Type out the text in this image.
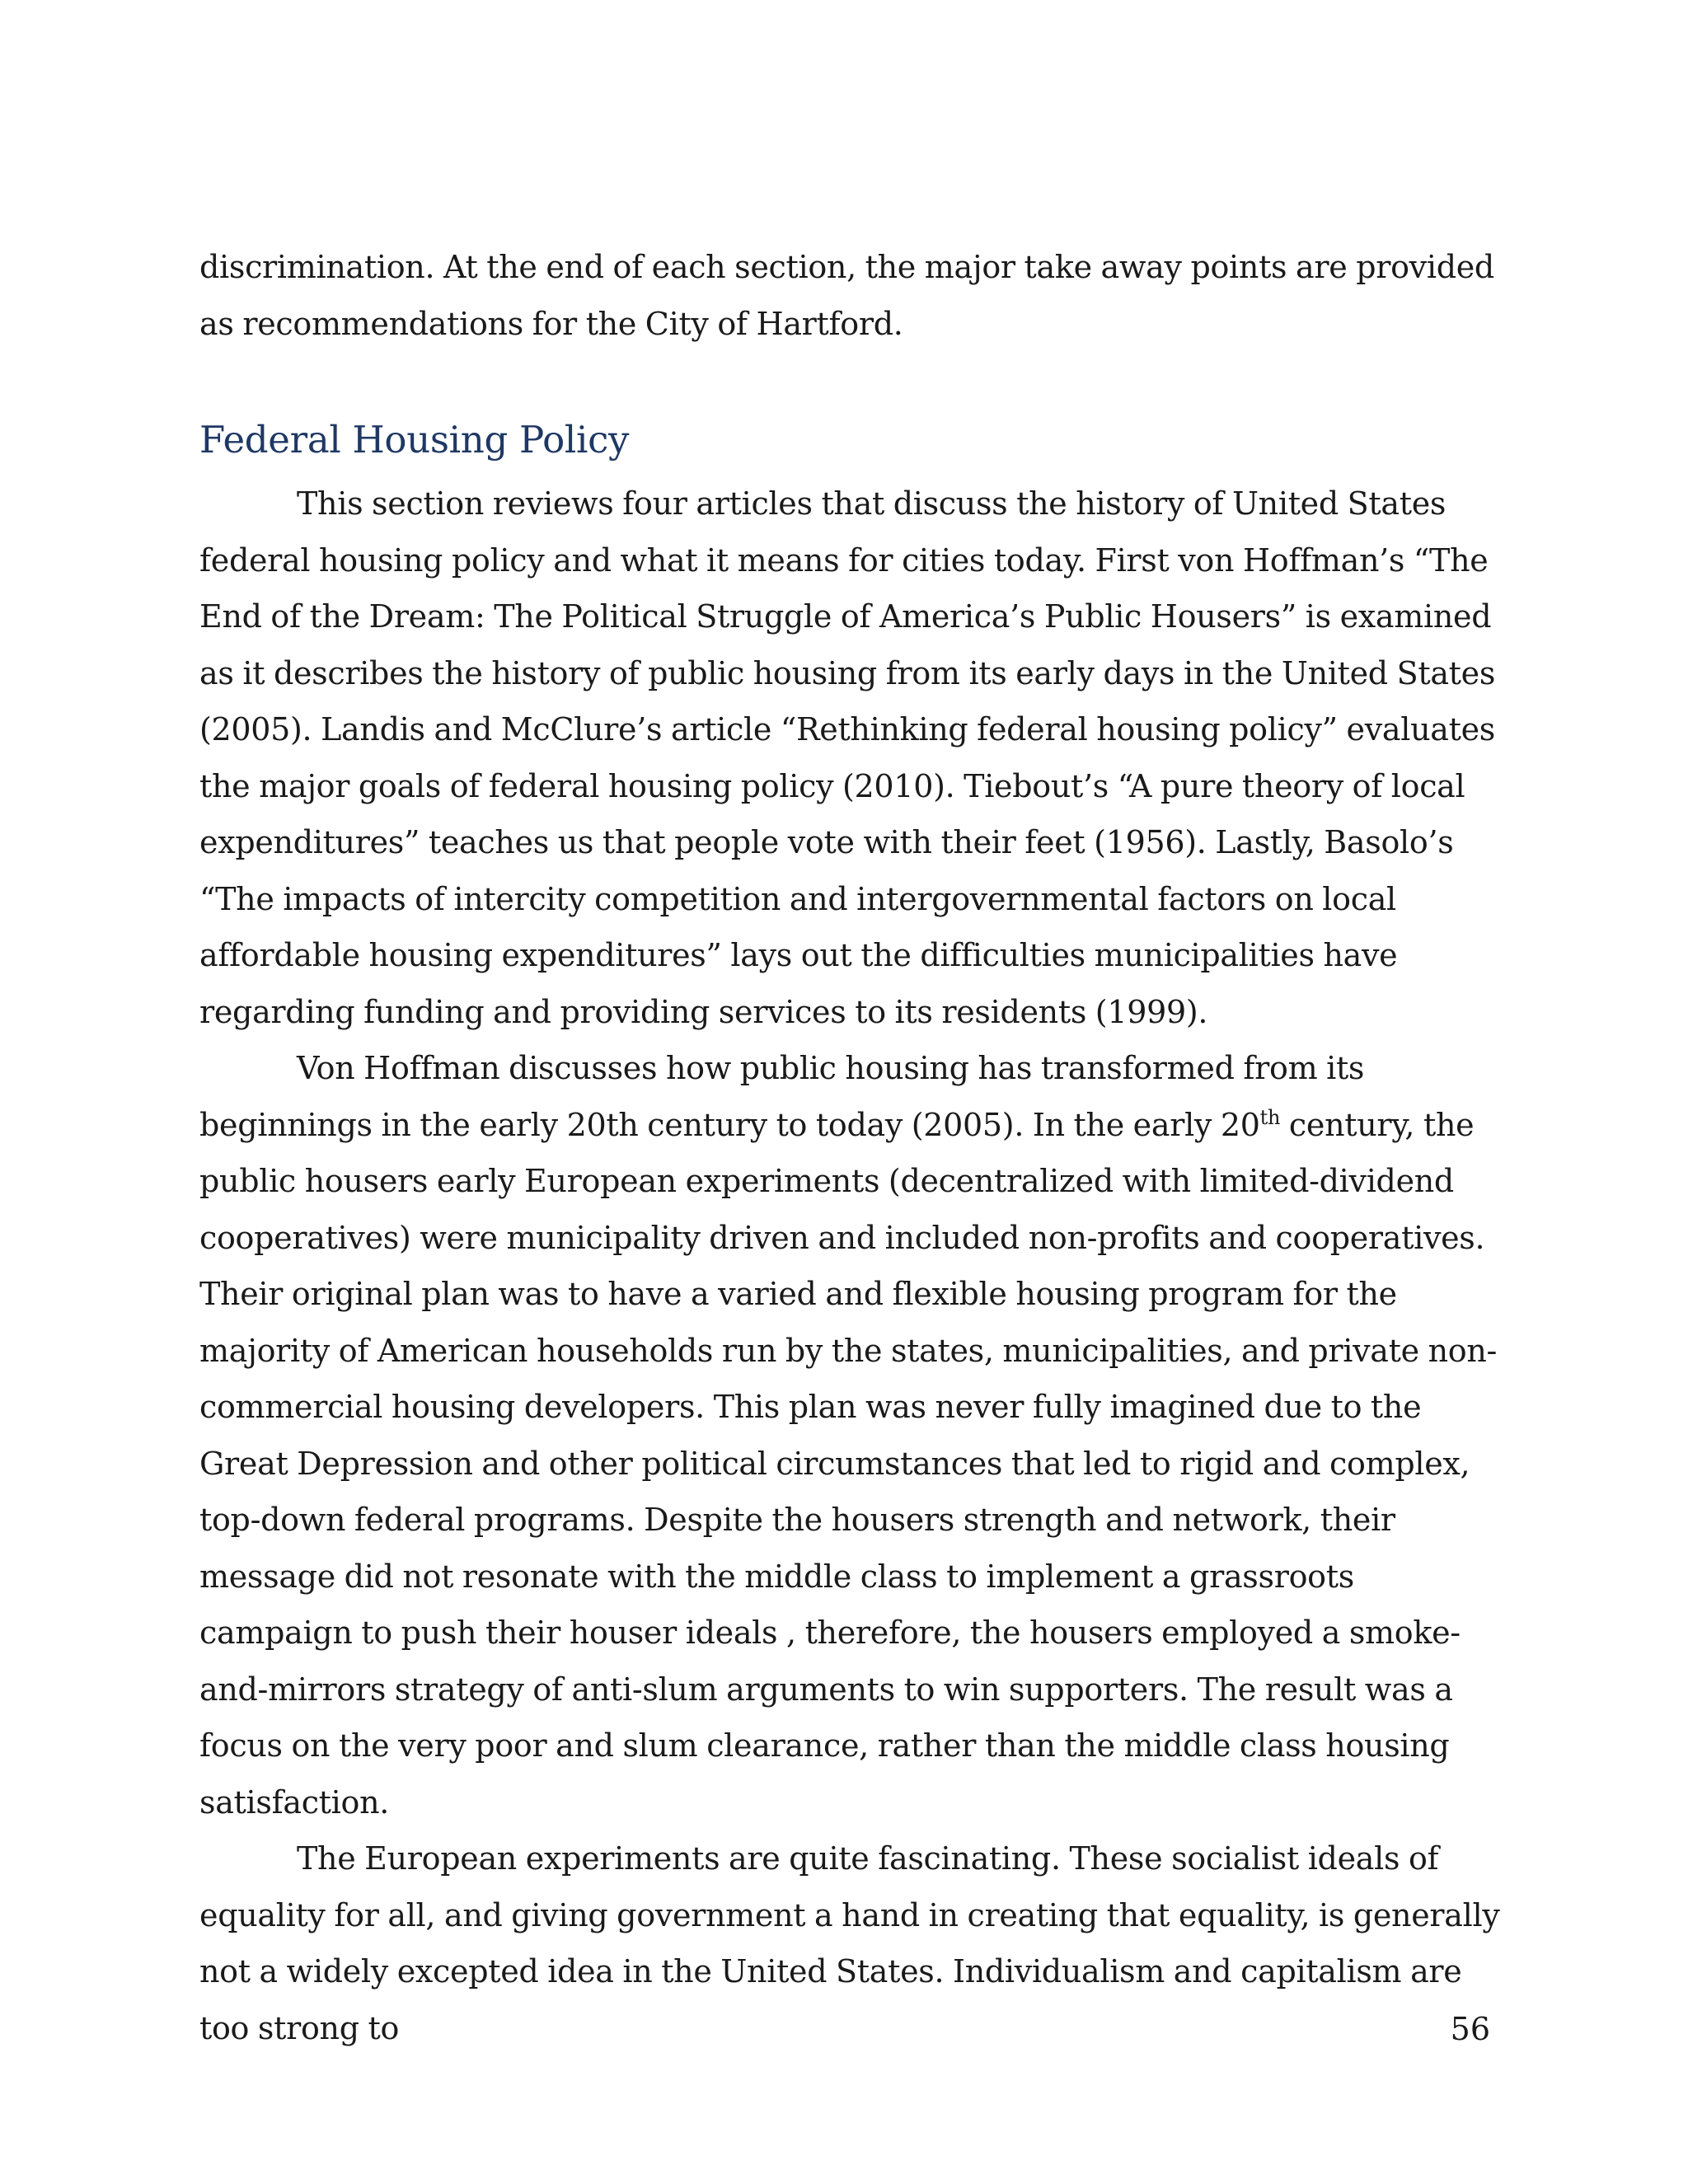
discrimination. At the end of each section, the major take away points are provided as recommendations for the City of Hartford.

Federal Housing Policy

This section reviews four articles that discuss the history of United States federal housing policy and what it means for cities today. First von Hoffman’s “The End of the Dream: The Political Struggle of America’s Public Housers” is examined as it describes the history of public housing from its early days in the United States (2005). Landis and McClure’s article “Rethinking federal housing policy” evaluates the major goals of federal housing policy (2010). Tiebout’s “A pure theory of local expenditures” teaches us that people vote with their feet (1956). Lastly, Basolo’s “The impacts of intercity competition and intergovernmental factors on local affordable housing expenditures” lays out the difficulties municipalities have regarding funding and providing services to its residents (1999).

Von Hoffman discusses how public housing has transformed from its beginnings in the early 20th century to today (2005). In the early 20th century, the public housers early European experiments (decentralized with limited-dividend cooperatives) were municipality driven and included non-profits and cooperatives. Their original plan was to have a varied and flexible housing program for the majority of American households run by the states, municipalities, and private non-commercial housing developers. This plan was never fully imagined due to the Great Depression and other political circumstances that led to rigid and complex, top-down federal programs. Despite the housers strength and network, their message did not resonate with the middle class to implement a grassroots campaign to push their houser ideals , therefore, the housers employed a smoke-and-mirrors strategy of anti-slum arguments to win supporters. The result was a focus on the very poor and slum clearance, rather than the middle class housing satisfaction.

The European experiments are quite fascinating. These socialist ideals of equality for all, and giving government a hand in creating that equality, is generally not a widely excepted idea in the United States. Individualism and capitalism are too strong to	56
